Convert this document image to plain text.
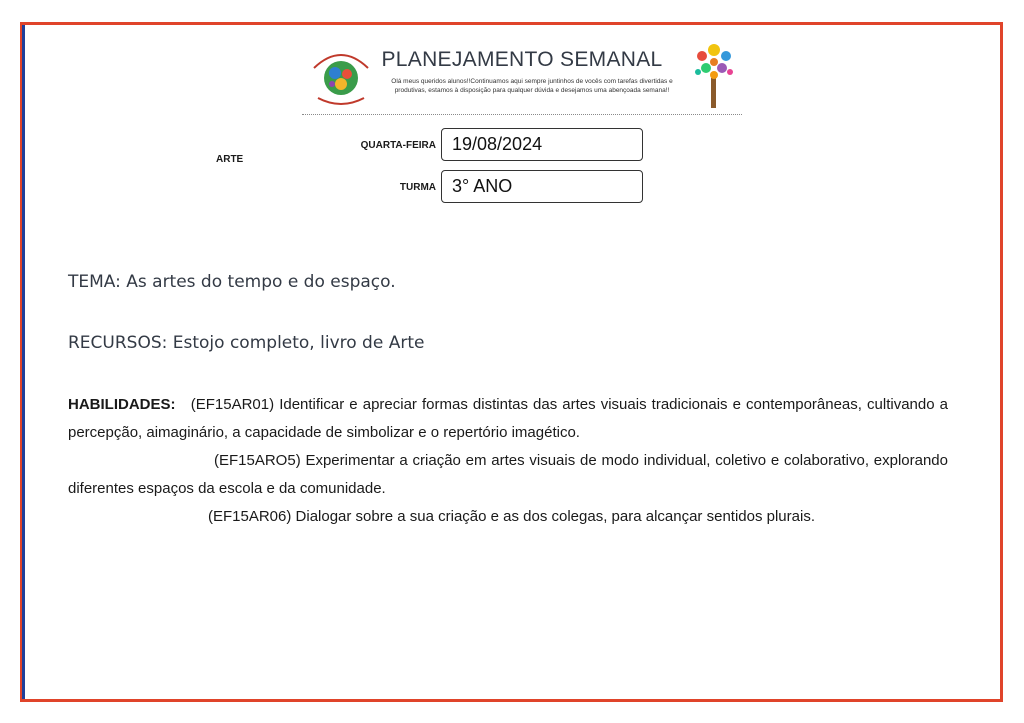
PLANEJAMENTO SEMANAL
Olá meus queridos alunos!!Continuamos aqui sempre juntinhos de vocês com tarefas divertidas e produtivas, estamos à disposição para qualquer dúvida e desejamos uma abençoada semana!!
ARTE
QUARTA-FEIRA 19/08/2024
TURMA 3° ANO
TEMA: As artes do tempo e do espaço.
RECURSOS: Estojo completo, livro de Arte

HABILIDADES: (EF15AR01) Identificar e apreciar formas distintas das artes visuais tradicionais e contemporâneas, cultivando a percepção, aimaginário, a capacidade de simbolizar e o repertório imagético.

(EF15ARO5) Experimentar a criação em artes visuais de modo individual, coletivo e colaborativo, explorando diferentes espaços da escola e da comunidade.

(EF15AR06) Dialogar sobre a sua criação e as dos colegas, para alcançar sentidos plurais.
